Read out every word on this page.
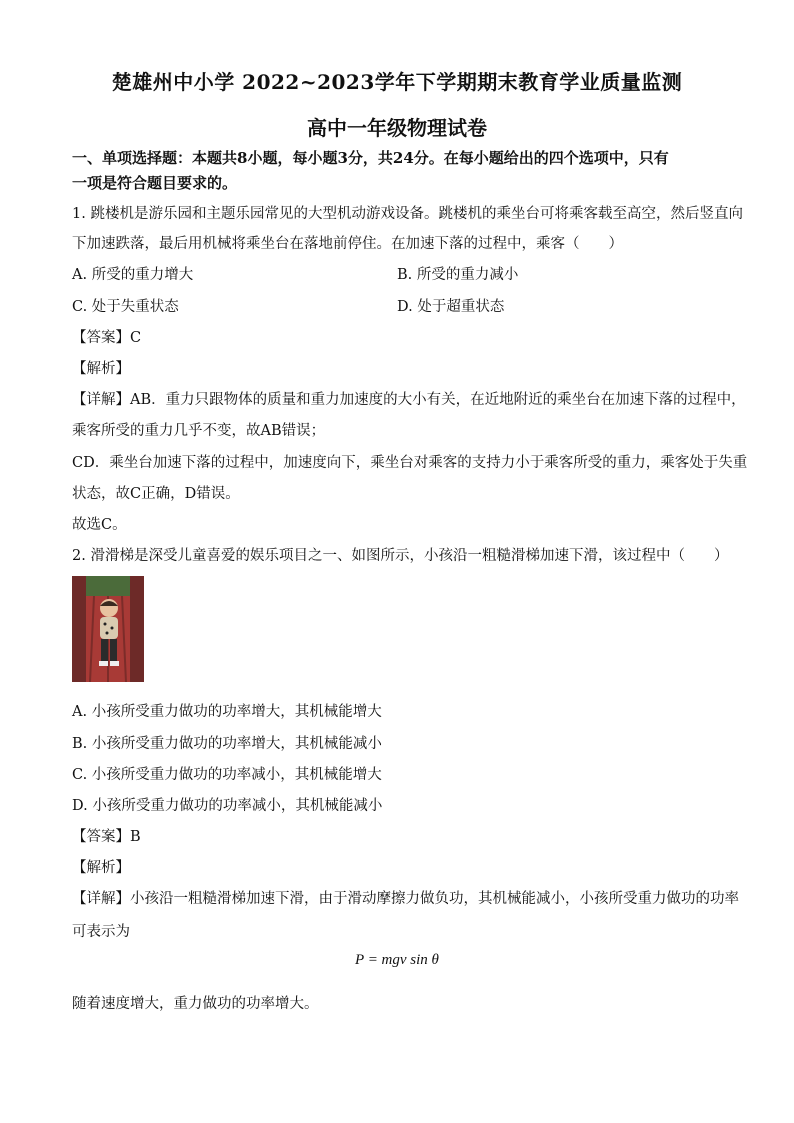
楚雄州中小学 2022~2023学年下学期期末教育学业质量监测
高中一年级物理试卷
一、单项选择题：本题共8小题，每小题3分，共24分。在每小题给出的四个选项中，只有
一项是符合题目要求的。
1. 跳楼机是游乐园和主题乐园常见的大型机动游戏设备。跳楼机的乘坐台可将乘客载至高空，然后竖直向
下加速跌落，最后用机械将乘坐台在落地前停住。在加速下落的过程中，乘客（　　）
A. 所受的重力增大	B. 所受的重力减小
C. 处于失重状态	D. 处于超重状态
【答案】C
【解析】
【详解】AB．重力只跟物体的质量和重力加速度的大小有关，在近地附近的乘坐台在加速下落的过程中，
乘客所受的重力几乎不变，故AB错误；
CD．乘坐台加速下落的过程中，加速度向下，乘坐台对乘客的支持力小于乘客所受的重力，乘客处于失重
状态，故C正确，D错误。
故选C。
2. 滑滑梯是深受儿童喜爱的娱乐项目之一、如图所示，小孩沿一粗糙滑梯加速下滑，该过程中（　　）
A. 小孩所受重力做功的功率增大，其机械能增大
B. 小孩所受重力做功的功率增大，其机械能减小
C. 小孩所受重力做功的功率减小，其机械能增大
D. 小孩所受重力做功的功率减小，其机械能减小
【答案】B
【解析】
【详解】小孩沿一粗糙滑梯加速下滑，由于滑动摩擦力做负功，其机械能减小，小孩所受重力做功的功率
可表示为
P = mgv sin θ
随着速度增大，重力做功的功率增大。
